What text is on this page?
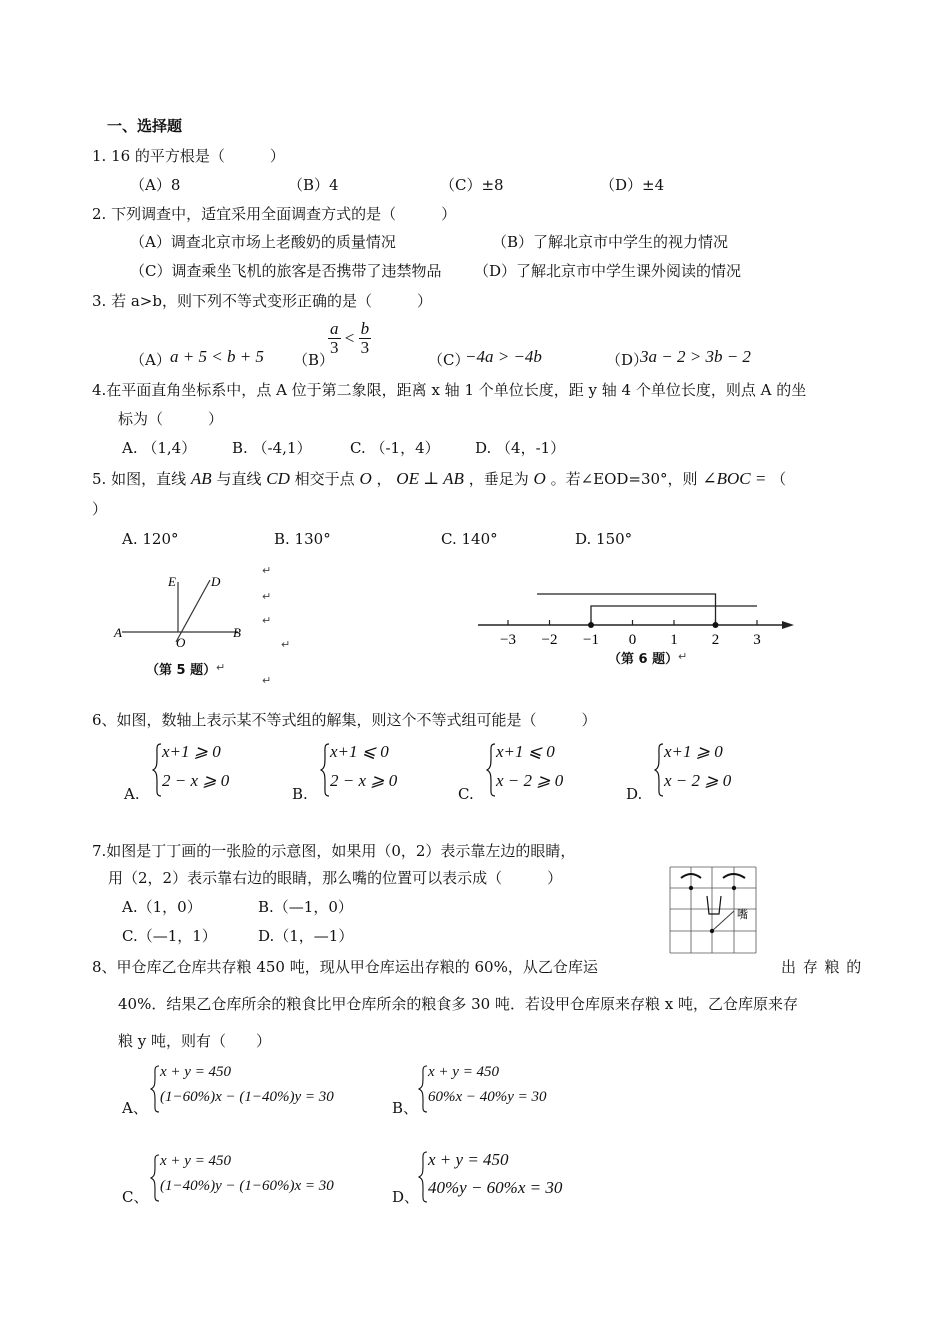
一、选择题
1. 16 的平方根是（　　　）
（A）8	（B）4	（C）±8	（D）±4
2. 下列调查中，适宜采用全面调查方式的是（　　　）
（A）调查北京市场上老酸奶的质量情况	（B）了解北京市中学生的视力情况
（C）调查乘坐飞机的旅客是否携带了违禁物品 （D）了解北京市中学生课外阅读的情况
3. 若 a>b，则下列不等式变形正确的是（　　　）
（A） a + 5 < b + 5 （B）
$\frac{a}{3} < \frac{b}{3}$
（C）
−4a > −4b	（D）
3a − 2 > 3b − 2
4.在平面直角坐标系中，点 A 位于第二象限，距离 x 轴 1 个单位长度，距 y 轴 4 个单位长度，则点 A 的坐
标为（　　　）
A. （1,4） B. （-4,1）	C. （-1，4） D. （4，-1）
5. 如图，直线 AB 与直线 CD 相交于点 O ， OE ⊥ AB ，垂足为 O 。若∠EOD=30°，则 ∠BOC = （
）
A. 120°	B. 130°	C. 140°	D. 150°
E	D
A
O
B
（第 5 题） ↵
↵
↵
↵
↵
↵
−3 −2 −1 0 1 2 3
（第 6 题） ↵
6、如图，数轴上表示某不等式组的解集，则这个不等式组可能是（　　　）
A.
x+1 ⩾ 0
2 − x ⩾ 0
B.
x+1 ⩽ 0
2 − x ⩾ 0
C.
x+1 ⩽ 0
x − 2 ⩾ 0
D.
x+1 ⩾ 0
x − 2 ⩾ 0
7.如图是丁丁画的一张脸的示意图，如果用（0，2）表示靠左边的眼睛，
用（2，2）表示靠右边的眼睛，那么嘴的位置可以表示成（　　　）
A.（1，0）	B.（—1，0）
C.（—1，1）	D.（1，—1）
嘴
8、甲仓库乙仓库共存粮 450 吨，现从甲仓库运出存粮的 60%，从乙仓库运	出 存 粮 的
40%．结果乙仓库所余的粮食比甲仓库所余的粮食多 30 吨．若设甲仓库原来存粮 x 吨，乙仓库原来存
粮 y 吨，则有（　　）
A、
x + y = 450
(1−60%)x − (1−40%)y = 30
B、
x + y = 450
60%x − 40%y = 30
C、
x + y = 450
(1−40%)y − (1−60%)x = 30
D、
x + y = 450
40%y − 60%x = 30
